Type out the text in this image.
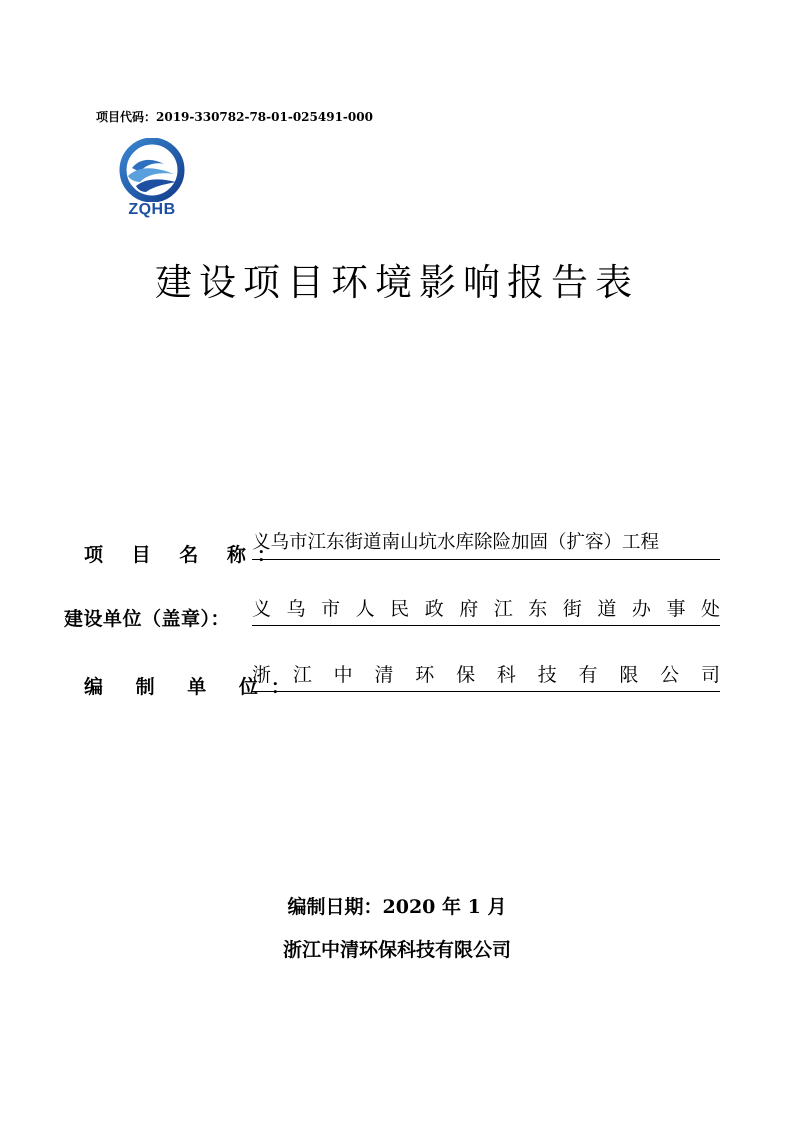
项目代码：2019-330782-78-01-025491-000
ZQHB
建设项目环境影响报告表
项 目 名 称：
义乌市江东街道南山坑水库除险加固（扩容）工程
建设单位（盖章）： 义 乌 市 人 民 政 府 江 东 街 道 办 事 处
编 制 单 位：
浙 江 中 清 环 保 科 技 有 限 公 司
编制日期：2020 年 1 月
浙江中清环保科技有限公司
